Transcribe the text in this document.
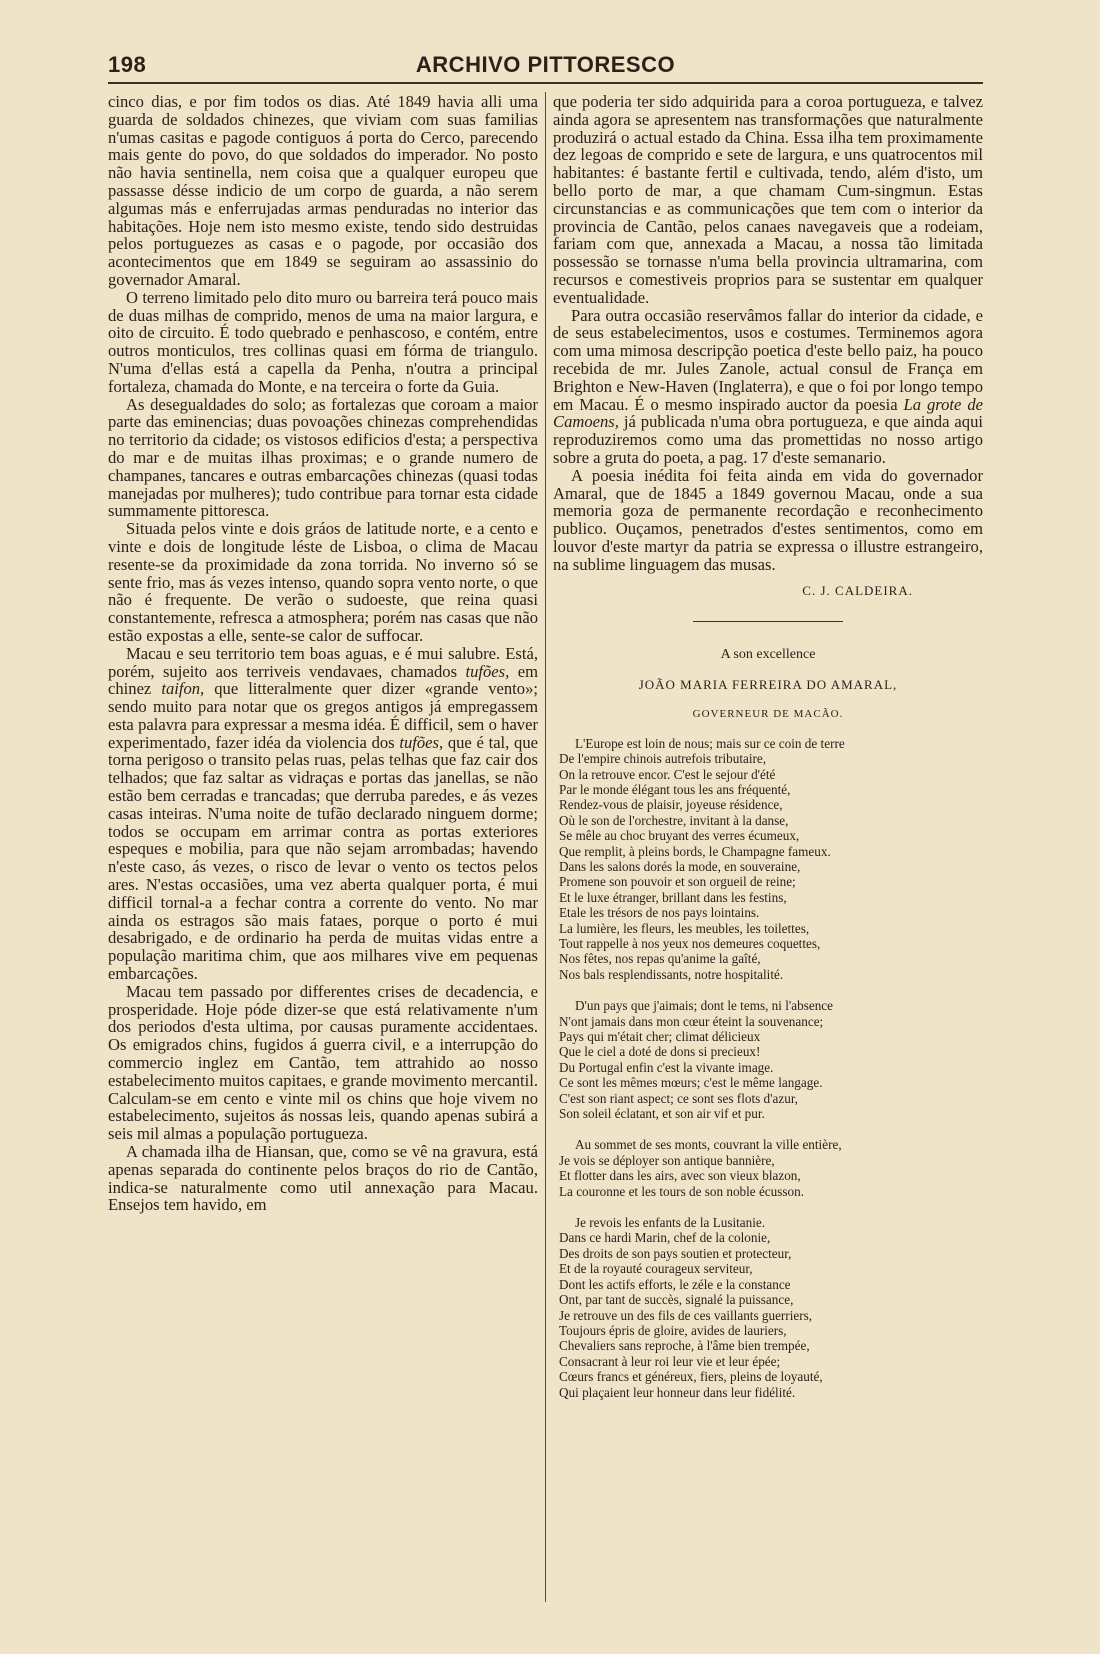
198	ARCHIVO PITTORESCO

cinco dias, e por fim todos os dias. Até 1849 havia alli uma guarda de soldados chinezes, que viviam com suas familias n'umas casitas e pagode contiguos á porta do Cerco, parecendo mais gente do povo, do que soldados do imperador. No posto não havia sentinella, nem coisa que a qualquer europeu que passasse désse indicio de um corpo de guarda, a não serem algumas más e enferrujadas armas penduradas no interior das habitações. Hoje nem isto mesmo existe, tendo sido destruidas pelos portuguezes as casas e o pagode, por occasião dos acontecimentos que em 1849 se seguiram ao assassinio do governador Amaral.

O terreno limitado pelo dito muro ou barreira terá pouco mais de duas milhas de comprido, menos de uma na maior largura, e oito de circuito. É todo quebrado e penhascoso, e contém, entre outros monticulos, tres collinas quasi em fórma de triangulo. N'uma d'ellas está a capella da Penha, n'outra a principal fortaleza, chamada do Monte, e na terceira o forte da Guia.

As desegualdades do solo; as fortalezas que coroam a maior parte das eminencias; duas povoações chinezas comprehendidas no territorio da cidade; os vistosos edificios d'esta; a perspectiva do mar e de muitas ilhas proximas; e o grande numero de champanes, tancares e outras embarcações chinezas (quasi todas manejadas por mulheres); tudo contribue para tornar esta cidade summamente pittoresca.

Situada pelos vinte e dois gráos de latitude norte, e a cento e vinte e dois de longitude léste de Lisboa, o clima de Macau resente-se da proximidade da zona torrida. No inverno só se sente frio, mas ás vezes intenso, quando sopra vento norte, o que não é frequente. De verão o sudoeste, que reina quasi constantemente, refresca a atmosphera; porém nas casas que não estão expostas a elle, sente-se calor de suffocar.

Macau e seu territorio tem boas aguas, e é mui salubre. Está, porém, sujeito aos terriveis vendavaes, chamados tufões, em chinez taifon, que litteralmente quer dizer «grande vento»; sendo muito para notar que os gregos antigos já empregassem esta palavra para expressar a mesma idéa. É difficil, sem o haver experimentado, fazer idéa da violencia dos tufões, que é tal, que torna perigoso o transito pelas ruas, pelas telhas que faz cair dos telhados; que faz saltar as vidraças e portas das janellas, se não estão bem cerradas e trancadas; que derruba paredes, e ás vezes casas inteiras. N'uma noite de tufão declarado ninguem dorme; todos se occupam em arrimar contra as portas exteriores espeques e mobilia, para que não sejam arrombadas; havendo n'este caso, ás vezes, o risco de levar o vento os tectos pelos ares. N'estas occasiões, uma vez aberta qualquer porta, é mui difficil tornal-a a fechar contra a corrente do vento. No mar ainda os estragos são mais fataes, porque o porto é mui desabrigado, e de ordinario ha perda de muitas vidas entre a população maritima chim, que aos milhares vive em pequenas embarcações.

Macau tem passado por differentes crises de decadencia, e prosperidade. Hoje póde dizer-se que está relativamente n'um dos periodos d'esta ultima, por causas puramente accidentaes. Os emigrados chins, fugidos á guerra civil, e a interrupção do commercio inglez em Cantão, tem attrahido ao nosso estabelecimento muitos capitaes, e grande movimento mercantil. Calculam-se em cento e vinte mil os chins que hoje vivem no estabelecimento, sujeitos ás nossas leis, quando apenas subirá a seis mil almas a população portugueza.

A chamada ilha de Hiansan, que, como se vê na gravura, está apenas separada do continente pelos braços do rio de Cantão, indica-se naturalmente como util annexação para Macau. Ensejos tem havido, em

que poderia ter sido adquirida para a coroa portugueza, e talvez ainda agora se apresentem nas transformações que naturalmente produzirá o actual estado da China. Essa ilha tem proximamente dez legoas de comprido e sete de largura, e uns quatrocentos mil habitantes: é bastante fertil e cultivada, tendo, além d'isto, um bello porto de mar, a que chamam Cum-singmun. Estas circunstancias e as communicações que tem com o interior da provincia de Cantão, pelos canaes navegaveis que a rodeiam, fariam com que, annexada a Macau, a nossa tão limitada possessão se tornasse n'uma bella provincia ultramarina, com recursos e comestiveis proprios para se sustentar em qualquer eventualidade.

Para outra occasião reservâmos fallar do interior da cidade, e de seus estabelecimentos, usos e costumes. Terminemos agora com uma mimosa descripção poetica d'este bello paiz, ha pouco recebida de mr. Jules Zanole, actual consul de França em Brighton e New-Haven (Inglaterra), e que o foi por longo tempo em Macau. É o mesmo inspirado auctor da poesia La grote de Camoens, já publicada n'uma obra portugueza, e que ainda aqui reproduziremos como uma das promettidas no nosso artigo sobre a gruta do poeta, a pag. 17 d'este semanario.

A poesia inédita foi feita ainda em vida do governador Amaral, que de 1845 a 1849 governou Macau, onde a sua memoria goza de permanente recordação e reconhecimento publico. Ouçamos, penetrados d'estes sentimentos, como em louvor d'este martyr da patria se expressa o illustre estrangeiro, na sublime linguagem das musas.

C. J. CALDEIRA.
A son excellence
JOÃO MARIA FERREIRA DO AMARAL,
GOVERNEUR DE MACÃO.
L'Europe est loin de nous; mais sur ce coin de terre
De l'empire chinois autrefois tributaire,
On la retrouve encor. C'est le sejour d'été
Par le monde élégant tous les ans fréquenté,
Rendez-vous de plaisir, joyeuse résidence,
Où le son de l'orchestre, invitant à la danse,
Se mêle au choc bruyant des verres écumeux,
Que remplit, à pleins bords, le Champagne fameux.
Dans les salons dorés la mode, en souveraine,
Promene son pouvoir et son orgueil de reine;
Et le luxe étranger, brillant dans les festins,
Etale les trésors de nos pays lointains.
La lumière, les fleurs, les meubles, les toilettes,
Tout rappelle à nos yeux nos demeures coquettes,
Nos fêtes, nos repas qu'anime la gaîté,
Nos bals resplendissants, notre hospitalité.
D'un pays que j'aimais; dont le tems, ni l'absence
N'ont jamais dans mon cœur éteint la souvenance;
Pays qui m'était cher; climat délicieux
Que le ciel a doté de dons si precieux!
Du Portugal enfin c'est la vivante image.
Ce sont les mêmes mœurs; c'est le même langage.
C'est son riant aspect; ce sont ses flots d'azur,
Son soleil éclatant, et son air vif et pur.
Au sommet de ses monts, couvrant la ville entière,
Je vois se déployer son antique bannière,
Et flotter dans les airs, avec son vieux blazon,
La couronne et les tours de son noble écusson.
Je revois les enfants de la Lusitanie.
Dans ce hardi Marin, chef de la colonie,
Des droits de son pays soutien et protecteur,
Et de la royauté courageux serviteur,
Dont les actifs efforts, le zéle e la constance
Ont, par tant de succès, signalé la puissance,
Je retrouve un des fils de ces vaillants guerriers,
Toujours épris de gloire, avides de lauriers,
Chevaliers sans reproche, à l'âme bien trempée,
Consacrant à leur roi leur vie et leur épée;
Cœurs francs et généreux, fiers, pleins de loyauté,
Qui plaçaient leur honneur dans leur fidélité.
